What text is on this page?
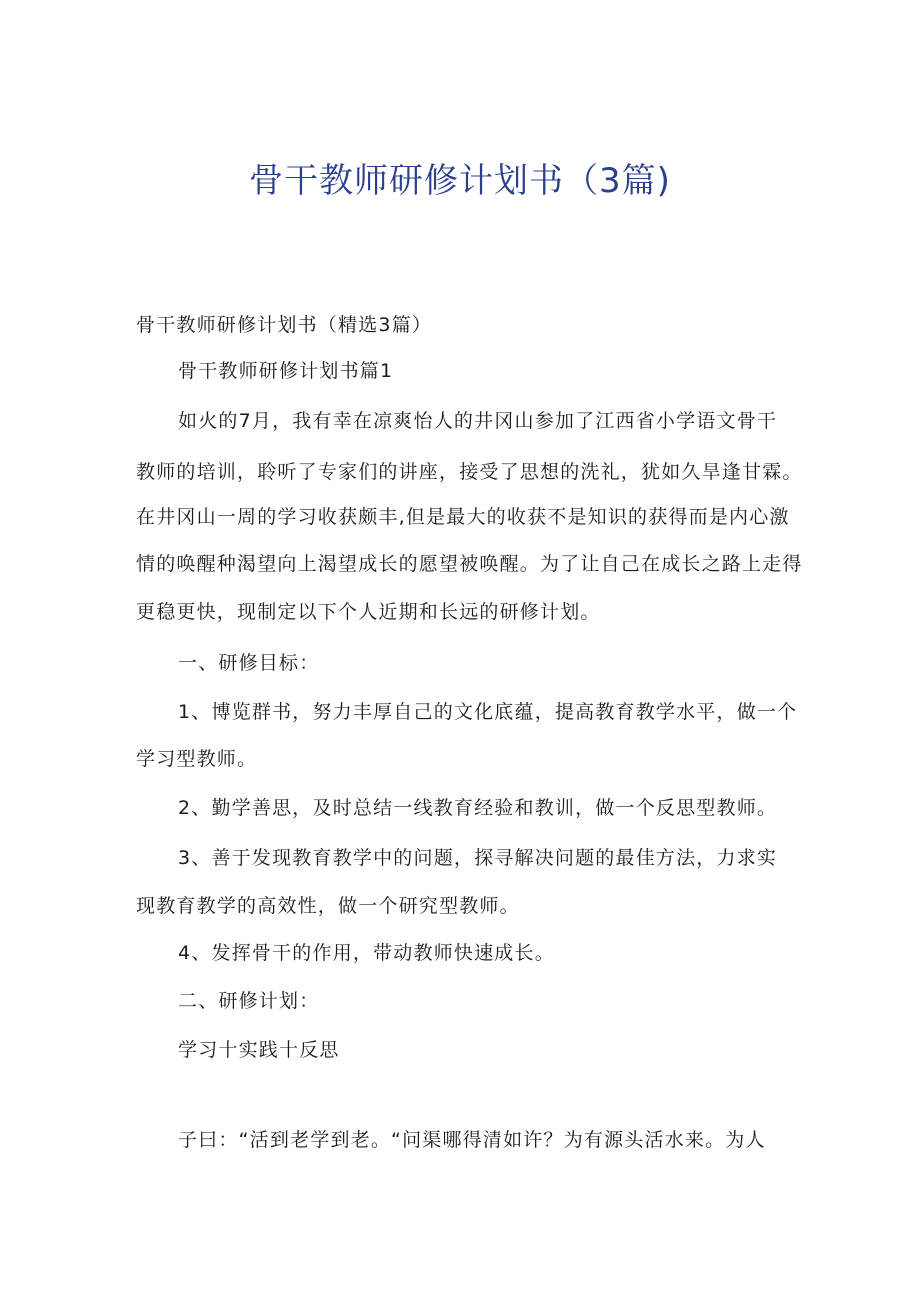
骨干教师研修计划书（3篇)
骨干教师研修计划书（精选3篇）
骨干教师研修计划书篇1
如火的7月，我有幸在凉爽怡人的井冈山参加了江西省小学语文骨干
教师的培训，聆听了专家们的讲座，接受了思想的洗礼，犹如久旱逢甘霖。
在井冈山一周的学习收获颇丰,但是最大的收获不是知识的获得而是内心激
情的唤醒种渴望向上渴望成长的愿望被唤醒。为了让自己在成长之路上走得
更稳更快，现制定以下个人近期和长远的研修计划。
一、研修目标：
1、博览群书，努力丰厚自己的文化底蕴，提高教育教学水平，做一个
学习型教师。
2、勤学善思，及时总结一线教育经验和教训，做一个反思型教师。
3、善于发现教育教学中的问题，探寻解决问题的最佳方法，力求实
现教育教学的高效性，做一个研究型教师。
4、发挥骨干的作用，带动教师快速成长。
二、研修计划：
学习十实践十反思
子曰：“活到老学到老。“问渠哪得清如许？为有源头活水来。为人
